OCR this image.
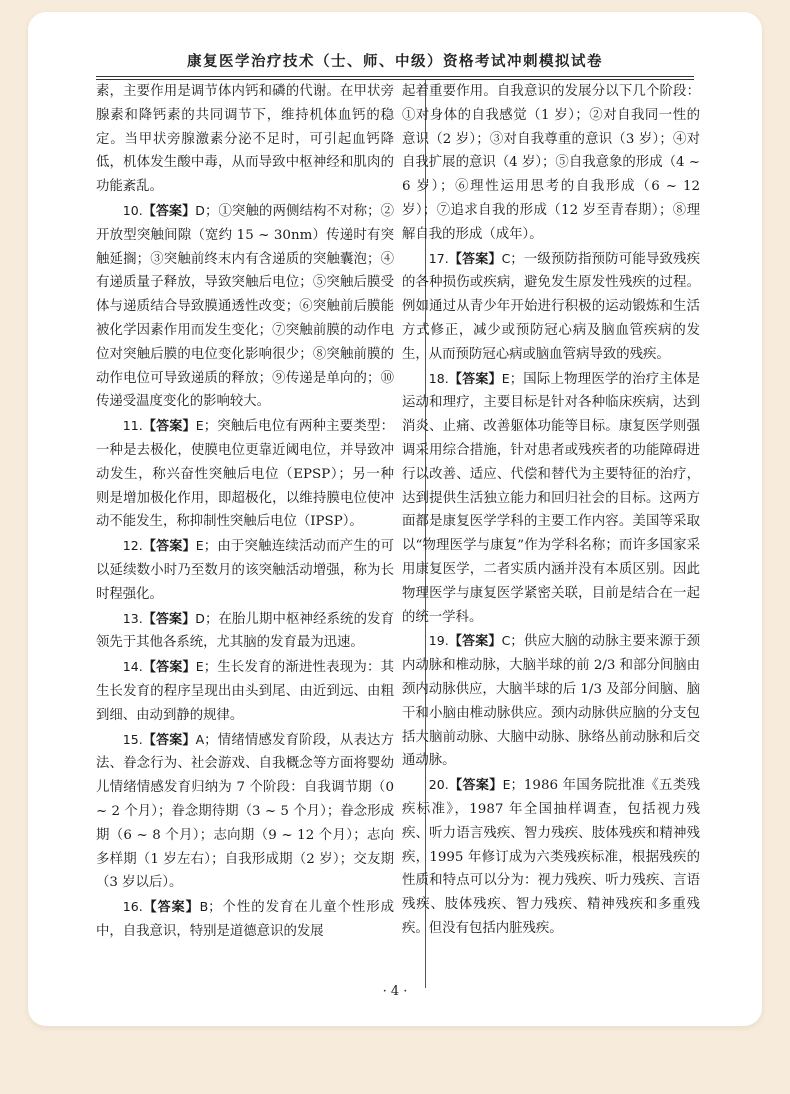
康复医学治疗技术（士、师、中级）资格考试冲刺模拟试卷

素，主要作用是调节体内钙和磷的代谢。在甲状旁腺素和降钙素的共同调节下，维持机体血钙的稳定。当甲状旁腺激素分泌不足时，可引起血钙降低，机体发生酸中毒，从而导致中枢神经和肌肉的功能紊乱。

10.【答案】D；①突触的两侧结构不对称；②开放型突触间隙（宽约 15 ~ 30nm）传递时有突触延搁；③突触前终末内有含递质的突触囊泡；④有递质量子释放，导致突触后电位；⑤突触后膜受体与递质结合导致膜通透性改变；⑥突触前后膜能被化学因素作用而发生变化；⑦突触前膜的动作电位对突触后膜的电位变化影响很少；⑧突触前膜的动作电位可导致递质的释放；⑨传递是单向的；⑩传递受温度变化的影响较大。

11.【答案】E；突触后电位有两种主要类型：一种是去极化，使膜电位更靠近阈电位，并导致冲动发生，称兴奋性突触后电位（EPSP）；另一种则是增加极化作用，即超极化，以维持膜电位使冲动不能发生，称抑制性突触后电位（IPSP）。

12.【答案】E；由于突触连续活动而产生的可以延续数小时乃至数月的该突触活动增强，称为长时程强化。

13.【答案】D；在胎儿期中枢神经系统的发育领先于其他各系统，尤其脑的发育最为迅速。

14.【答案】E；生长发育的渐进性表现为：其生长发育的程序呈现出由头到尾、由近到远、由粗到细、由动到静的规律。

15.【答案】A；情绪情感发育阶段，从表达方法、眷念行为、社会游戏、自我概念等方面将婴幼儿情绪情感发育归纳为 7 个阶段：自我调节期（0 ~ 2 个月）；眷念期待期（3 ~ 5 个月）；眷念形成期（6 ~ 8 个月）；志向期（9 ~ 12 个月）；志向多样期（1 岁左右）；自我形成期（2 岁）；交友期（3 岁以后）。

16.【答案】B；个性的发育在儿童个性形成中，自我意识，特别是道德意识的发展

起着重要作用。自我意识的发展分以下几个阶段：①对身体的自我感觉（1 岁）；②对自我同一性的意识（2 岁）；③对自我尊重的意识（3 岁）；④对自我扩展的意识（4 岁）；⑤自我意象的形成（4 ~ 6 岁）；⑥理性运用思考的自我形成（6 ~ 12 岁）；⑦追求自我的形成（12 岁至青春期）；⑧理解自我的形成（成年）。

17.【答案】C；一级预防指预防可能导致残疾的各种损伤或疾病，避免发生原发性残疾的过程。例如通过从青少年开始进行积极的运动锻炼和生活方式修正，减少或预防冠心病及脑血管疾病的发生，从而预防冠心病或脑血管病导致的残疾。

18.【答案】E；国际上物理医学的治疗主体是运动和理疗，主要目标是针对各种临床疾病，达到消炎、止痛、改善躯体功能等目标。康复医学则强调采用综合措施，针对患者或残疾者的功能障碍进行以改善、适应、代偿和替代为主要特征的治疗，达到提供生活独立能力和回归社会的目标。这两方面都是康复医学学科的主要工作内容。美国等采取以“物理医学与康复”作为学科名称；而许多国家采用康复医学，二者实质内涵并没有本质区别。因此物理医学与康复医学紧密关联，目前是结合在一起的统一学科。

19.【答案】C；供应大脑的动脉主要来源于颈内动脉和椎动脉，大脑半球的前 2/3 和部分间脑由颈内动脉供应，大脑半球的后 1/3 及部分间脑、脑干和小脑由椎动脉供应。颈内动脉供应脑的分支包括大脑前动脉、大脑中动脉、脉络丛前动脉和后交通动脉。

20.【答案】E；1986 年国务院批准《五类残疾标准》，1987 年全国抽样调查，包括视力残疾、听力语言残疾、智力残疾、肢体残疾和精神残疾，1995 年修订成为六类残疾标准，根据残疾的性质和特点可以分为：视力残疾、听力残疾、言语残疾、肢体残疾、智力残疾、精神残疾和多重残疾。但没有包括内脏残疾。

· 4 ·
